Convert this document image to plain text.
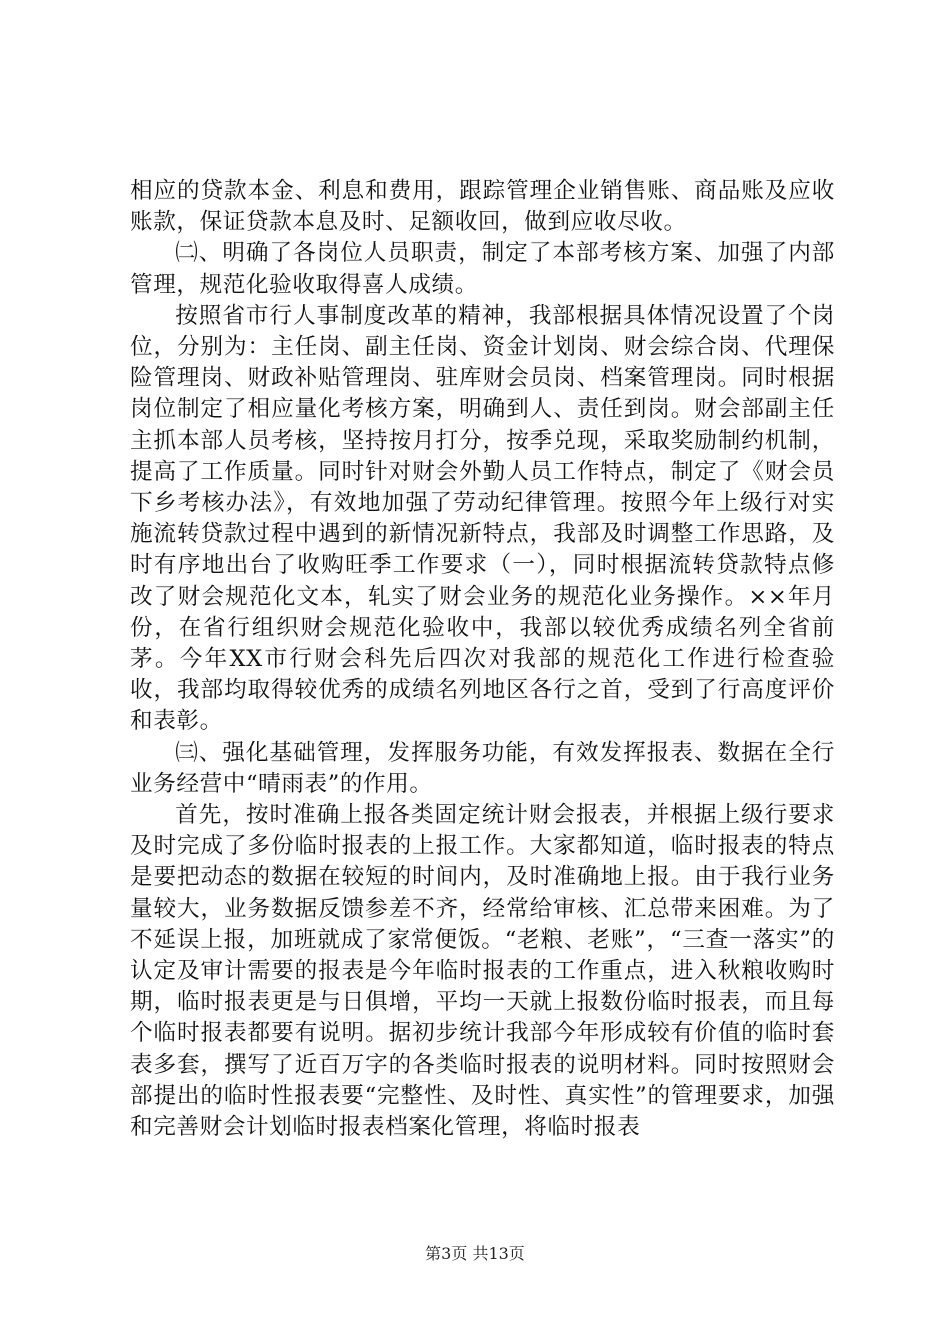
相应的贷款本金、利息和费用，跟踪管理企业销售账、商品账及应收账款，保证贷款本息及时、足额收回，做到应收尽收。

㈡、明确了各岗位人员职责，制定了本部考核方案、加强了内部管理，规范化验收取得喜人成绩。

按照省市行人事制度改革的精神，我部根据具体情况设置了个岗位，分别为：主任岗、副主任岗、资金计划岗、财会综合岗、代理保险管理岗、财政补贴管理岗、驻库财会员岗、档案管理岗。同时根据岗位制定了相应量化考核方案，明确到人、责任到岗。财会部副主任主抓本部人员考核，坚持按月打分，按季兑现，采取奖励制约机制，提高了工作质量。同时针对财会外勤人员工作特点，制定了《财会员下乡考核办法》，有效地加强了劳动纪律管理。按照今年上级行对实施流转贷款过程中遇到的新情况新特点，我部及时调整工作思路，及时有序地出台了收购旺季工作要求（一），同时根据流转贷款特点修改了财会规范化文本，轧实了财会业务的规范化业务操作。××年月份，在省行组织财会规范化验收中，我部以较优秀成绩名列全省前茅。今年XX市行财会科先后四次对我部的规范化工作进行检查验收，我部均取得较优秀的成绩名列地区各行之首，受到了行高度评价和表彰。

㈢、强化基础管理，发挥服务功能，有效发挥报表、数据在全行业务经营中“晴雨表”的作用。

首先，按时准确上报各类固定统计财会报表，并根据上级行要求及时完成了多份临时报表的上报工作。大家都知道，临时报表的特点是要把动态的数据在较短的时间内，及时准确地上报。由于我行业务量较大，业务数据反馈参差不齐，经常给审核、汇总带来困难。为了不延误上报，加班就成了家常便饭。“老粮、老账”，“三查一落实”的认定及审计需要的报表是今年临时报表的工作重点，进入秋粮收购时期，临时报表更是与日俱增，平均一天就上报数份临时报表，而且每个临时报表都要有说明。据初步统计我部今年形成较有价值的临时套表多套，撰写了近百万字的各类临时报表的说明材料。同时按照财会部提出的临时性报表要“完整性、及时性、真实性”的管理要求，加强和完善财会计划临时报表档案化管理，将临时报表

第3页 共13页
